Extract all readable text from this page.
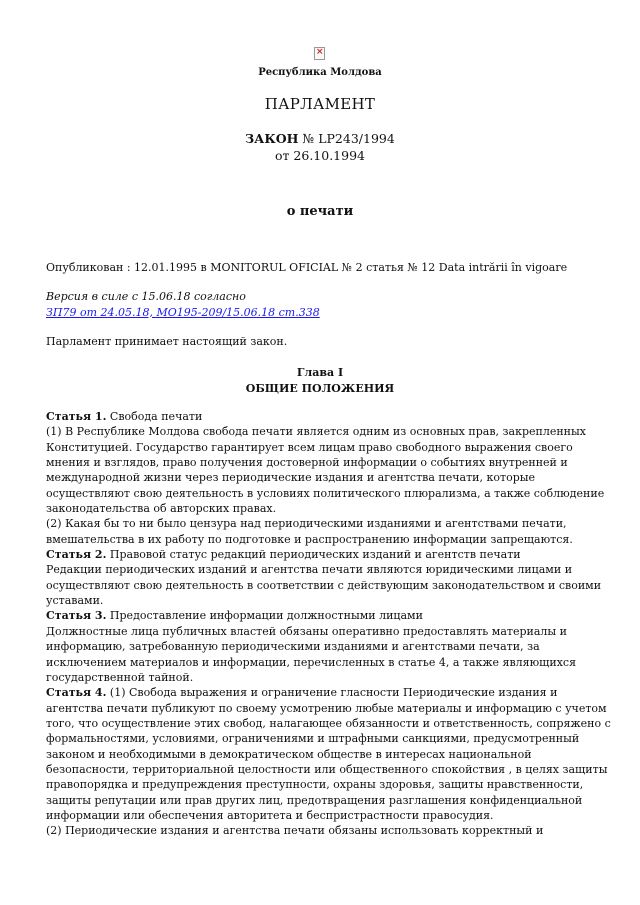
×
Республика Молдова
ПАРЛАМЕНТ
ЗАКОН № LP243/1994
от 26.10.1994
о печати
Опубликован : 12.01.1995 в MONITORUL OFICIAL № 2 статья № 12 Data intrării în vigoare
Версия в силе с 15.06.18 согласно
ЗП79 от 24.05.18, MO195-209/15.06.18 ст.338
Парламент принимает настоящий закон.
Глава I
ОБЩИЕ ПОЛОЖЕНИЯ
Статья 1. Свобода печати
(1) В Республике Молдова свобода печати является одним из основных прав, закрепленных
Конституцией. Государство гарантирует всем лицам право свободного выражения своего
мнения и взглядов, право получения достоверной информации о событиях внутренней и
международной жизни через периодические издания и агентства печати, которые
осуществляют свою деятельность в условиях политического плюрализма, а также соблюдение
законодательства об авторских правах.
(2) Какая бы то ни было цензура над периодическими изданиями и агентствами печати,
вмешательства в их работу по подготовке и распространению информации запрещаются.
Статья 2. Правовой статус редакций периодических изданий и агентств печати
Редакции периодических изданий и агентства печати являются юридическими лицами и
осуществляют свою деятельность в соответствии с действующим законодательством и своими
уставами.
Статья 3. Предоставление информации должностными лицами
Должностные лица публичных властей обязаны оперативно предоставлять материалы и
информацию, затребованную периодическими изданиями и агентствами печати, за
исключением материалов и информации, перечисленных в статье 4, а также являющихся
государственной тайной.
Статья 4. (1) Свобода выражения и ограничение гласности Периодические издания и
агентства печати публикуют по своему усмотрению любые материалы и информацию с учетом
того, что осуществление этих свобод, налагающее обязанности и ответственность, сопряжено с
формальностями, условиями, ограничениями и штрафными санкциями, предусмотренный
законом и необходимыми в демократическом обществе в интересах национальной
безопасности, территориальной целостности или общественного спокойствия , в целях защиты
правопорядка и предупреждения преступности, охраны здоровья, защиты нравственности,
защиты репутации или прав других лиц, предотвращения разглашения конфиденциальной
информации или обеспечения авторитета и беспристрастности правосудия.
(2) Периодические издания и агентства печати обязаны использовать корректный и
